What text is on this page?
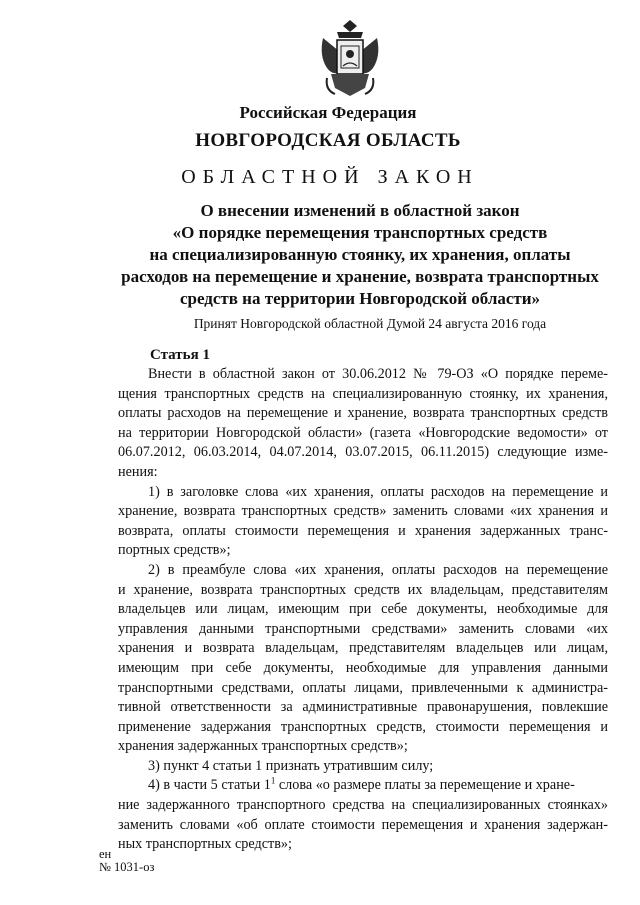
Российская Федерация
НОВГОРОДСКАЯ ОБЛАСТЬ
ОБЛАСТНОЙ ЗАКОН
О внесении изменений в областной закон
«О порядке перемещения транспортных средств
на специализированную стоянку, их хранения, оплаты
расходов на перемещение и хранение, возврата транспортных
средств на территории Новгородской области»
Принят Новгородской областной Думой 24 августа 2016 года
Статья 1
Внести в областной закон от 30.06.2012 № 79-ОЗ «О порядке переме-
щения транспортных средств на специализированную стоянку, их хранения,
оплаты расходов на перемещение и хранение, возврата транспортных средств
на территории Новгородской области» (газета «Новгородские ведомости» от
06.07.2012, 06.03.2014, 04.07.2014, 03.07.2015, 06.11.2015) следующие изме-
нения:
1) в заголовке слова «их хранения, оплаты расходов на перемещение и
хранение, возврата транспортных средств» заменить словами «их хранения и
возврата, оплаты стоимости перемещения и хранения задержанных транс-
портных средств»;
2) в преамбуле слова «их хранения, оплаты расходов на перемещение
и хранение, возврата транспортных средств их владельцам, представителям
владельцев или лицам, имеющим при себе документы, необходимые для
управления данными транспортными средствами» заменить словами «их
хранения и возврата владельцам, представителям владельцев или лицам,
имеющим при себе документы, необходимые для управления данными
транспортными средствами, оплаты лицами, привлеченными к администра-
тивной ответственности за административные правонарушения, повлекшие
применение задержания транспортных средств, стоимости перемещения и
хранения задержанных транспортных средств»;
3) пункт 4 статьи 1 признать утратившим силу;
4) в части 5 статьи $1^1$ слова «о размере платы за перемещение и хране-
ние задержанного транспортного средства на специализированных стоянках»
заменить словами «об оплате стоимости перемещения и хранения задержан-
ных транспортных средств»;
ен
№ 1031-оз
